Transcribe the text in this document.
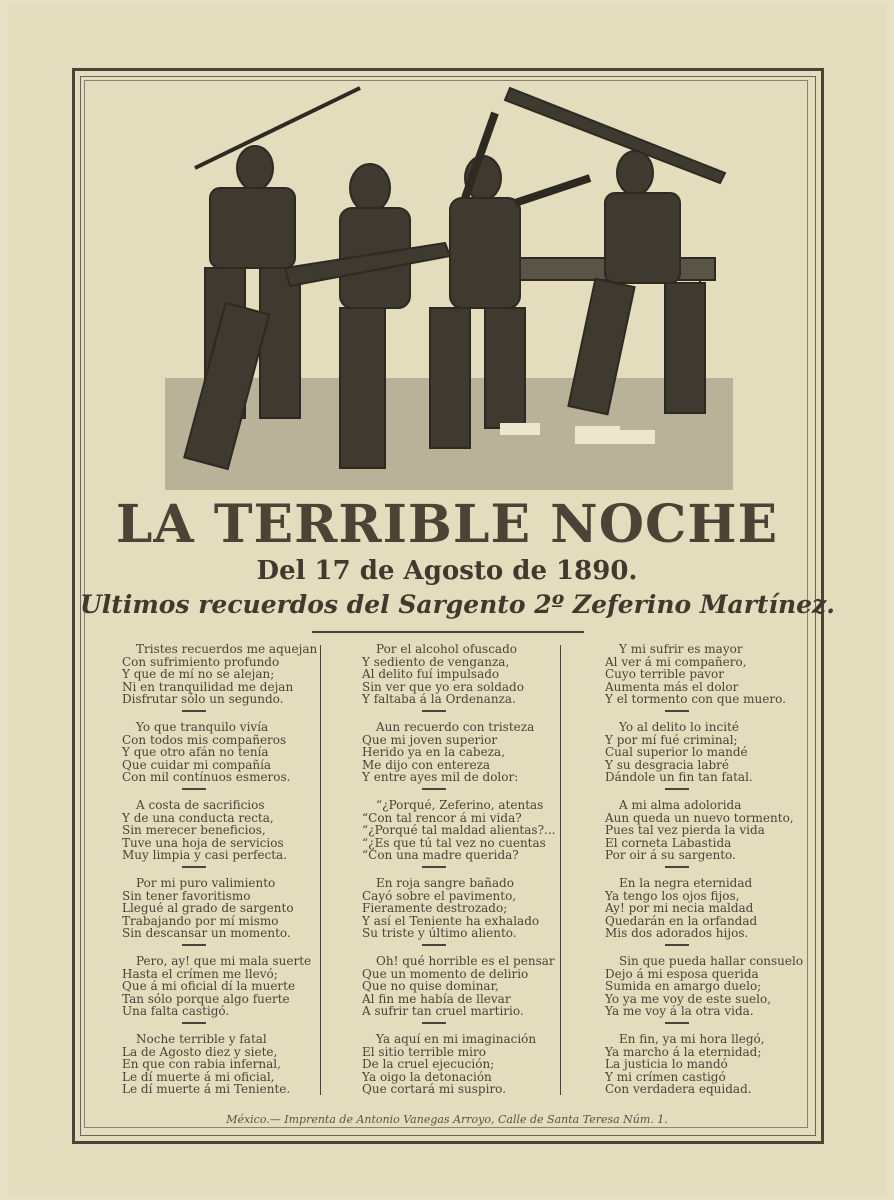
LA TERRIBLE NOCHE
Del 17 de Agosto de 1890.
Ultimos recuerdos del Sargento 2º Zeferino Martínez.
Tristes recuerdos me aquejan
Con sufrimiento profundo
Y que de mí no se alejan;
Ni en tranquilidad me dejan
Disfrutar sólo un segundo.
Yo que tranquilo vivía
Con todos mis compañeros
Y que otro afán no tenía
Que cuidar mi compañía
Con mil contínuos esmeros.
A costa de sacrificios
Y de una conducta recta,
Sin merecer beneficios,
Tuve una hoja de servicios
Muy limpia y casi perfecta.
Por mi puro valimiento
Sin tener favoritismo
Llegué al grado de sargento
Trabajando por mí mismo
Sin descansar un momento.
Pero, ay! que mi mala suerte
Hasta el crímen me llevó;
Que á mi oficial dí la muerte
Tan sólo porque algo fuerte
Una falta castigó.
Noche terrible y fatal
La de Agosto diez y siete,
En que con rabia infernal,
Le dí muerte á mi oficial,
Le dí muerte á mi Teniente.
Por el alcohol ofuscado
Y sediento de venganza,
Al delito fuí impulsado
Sin ver que yo era soldado
Y faltaba á la Ordenanza.
Aun recuerdo con tristeza
Que mi joven superior
Herido ya en la cabeza,
Me dijo con entereza
Y entre ayes mil de dolor:
“¿Porqué, Zeferino, atentas
“Con tal rencor á mi vida?
“¿Porqué tal maldad alientas?...
“¿Es que tú tal vez no cuentas
“Con una madre querida?
En roja sangre bañado
Cayó sobre el pavimento,
Fieramente destrozado;
Y así el Teniente ha exhalado
Su triste y último aliento.
Oh! qué horrible es el pensar
Que un momento de delirio
Que no quise dominar,
Al fin me había de llevar
A sufrir tan cruel martirio.
Ya aquí en mi imaginación
El sitio terrible miro
De la cruel ejecución;
Ya oigo la detonación
Que cortará mi suspiro.
Y mi sufrir es mayor
Al ver á mi compañero,
Cuyo terrible pavor
Aumenta más el dolor
Y el tormento con que muero.
Yo al delito lo incité
Y por mí fué criminal;
Cual superior lo mandé
Y su desgracia labré
Dándole un fin tan fatal.
A mi alma adolorida
Aun queda un nuevo tormento,
Pues tal vez pierda la vida
El corneta Labastida
Por oir á su sargento.
En la negra eternidad
Ya tengo los ojos fijos,
Ay! por mi necia maldad
Quedarán en la orfandad
Mis dos adorados hijos.
Sin que pueda hallar consuelo
Dejo á mi esposa querida
Sumida en amargo duelo;
Yo ya me voy de este suelo,
Ya me voy á la otra vida.
En fin, ya mi hora llegó,
Ya marcho á la eternidad;
La justicia lo mandó
Y mi crímen castigó
Con verdadera equidad.
México.— Imprenta de Antonio Vanegas Arroyo, Calle de Santa Teresa Núm. 1.
